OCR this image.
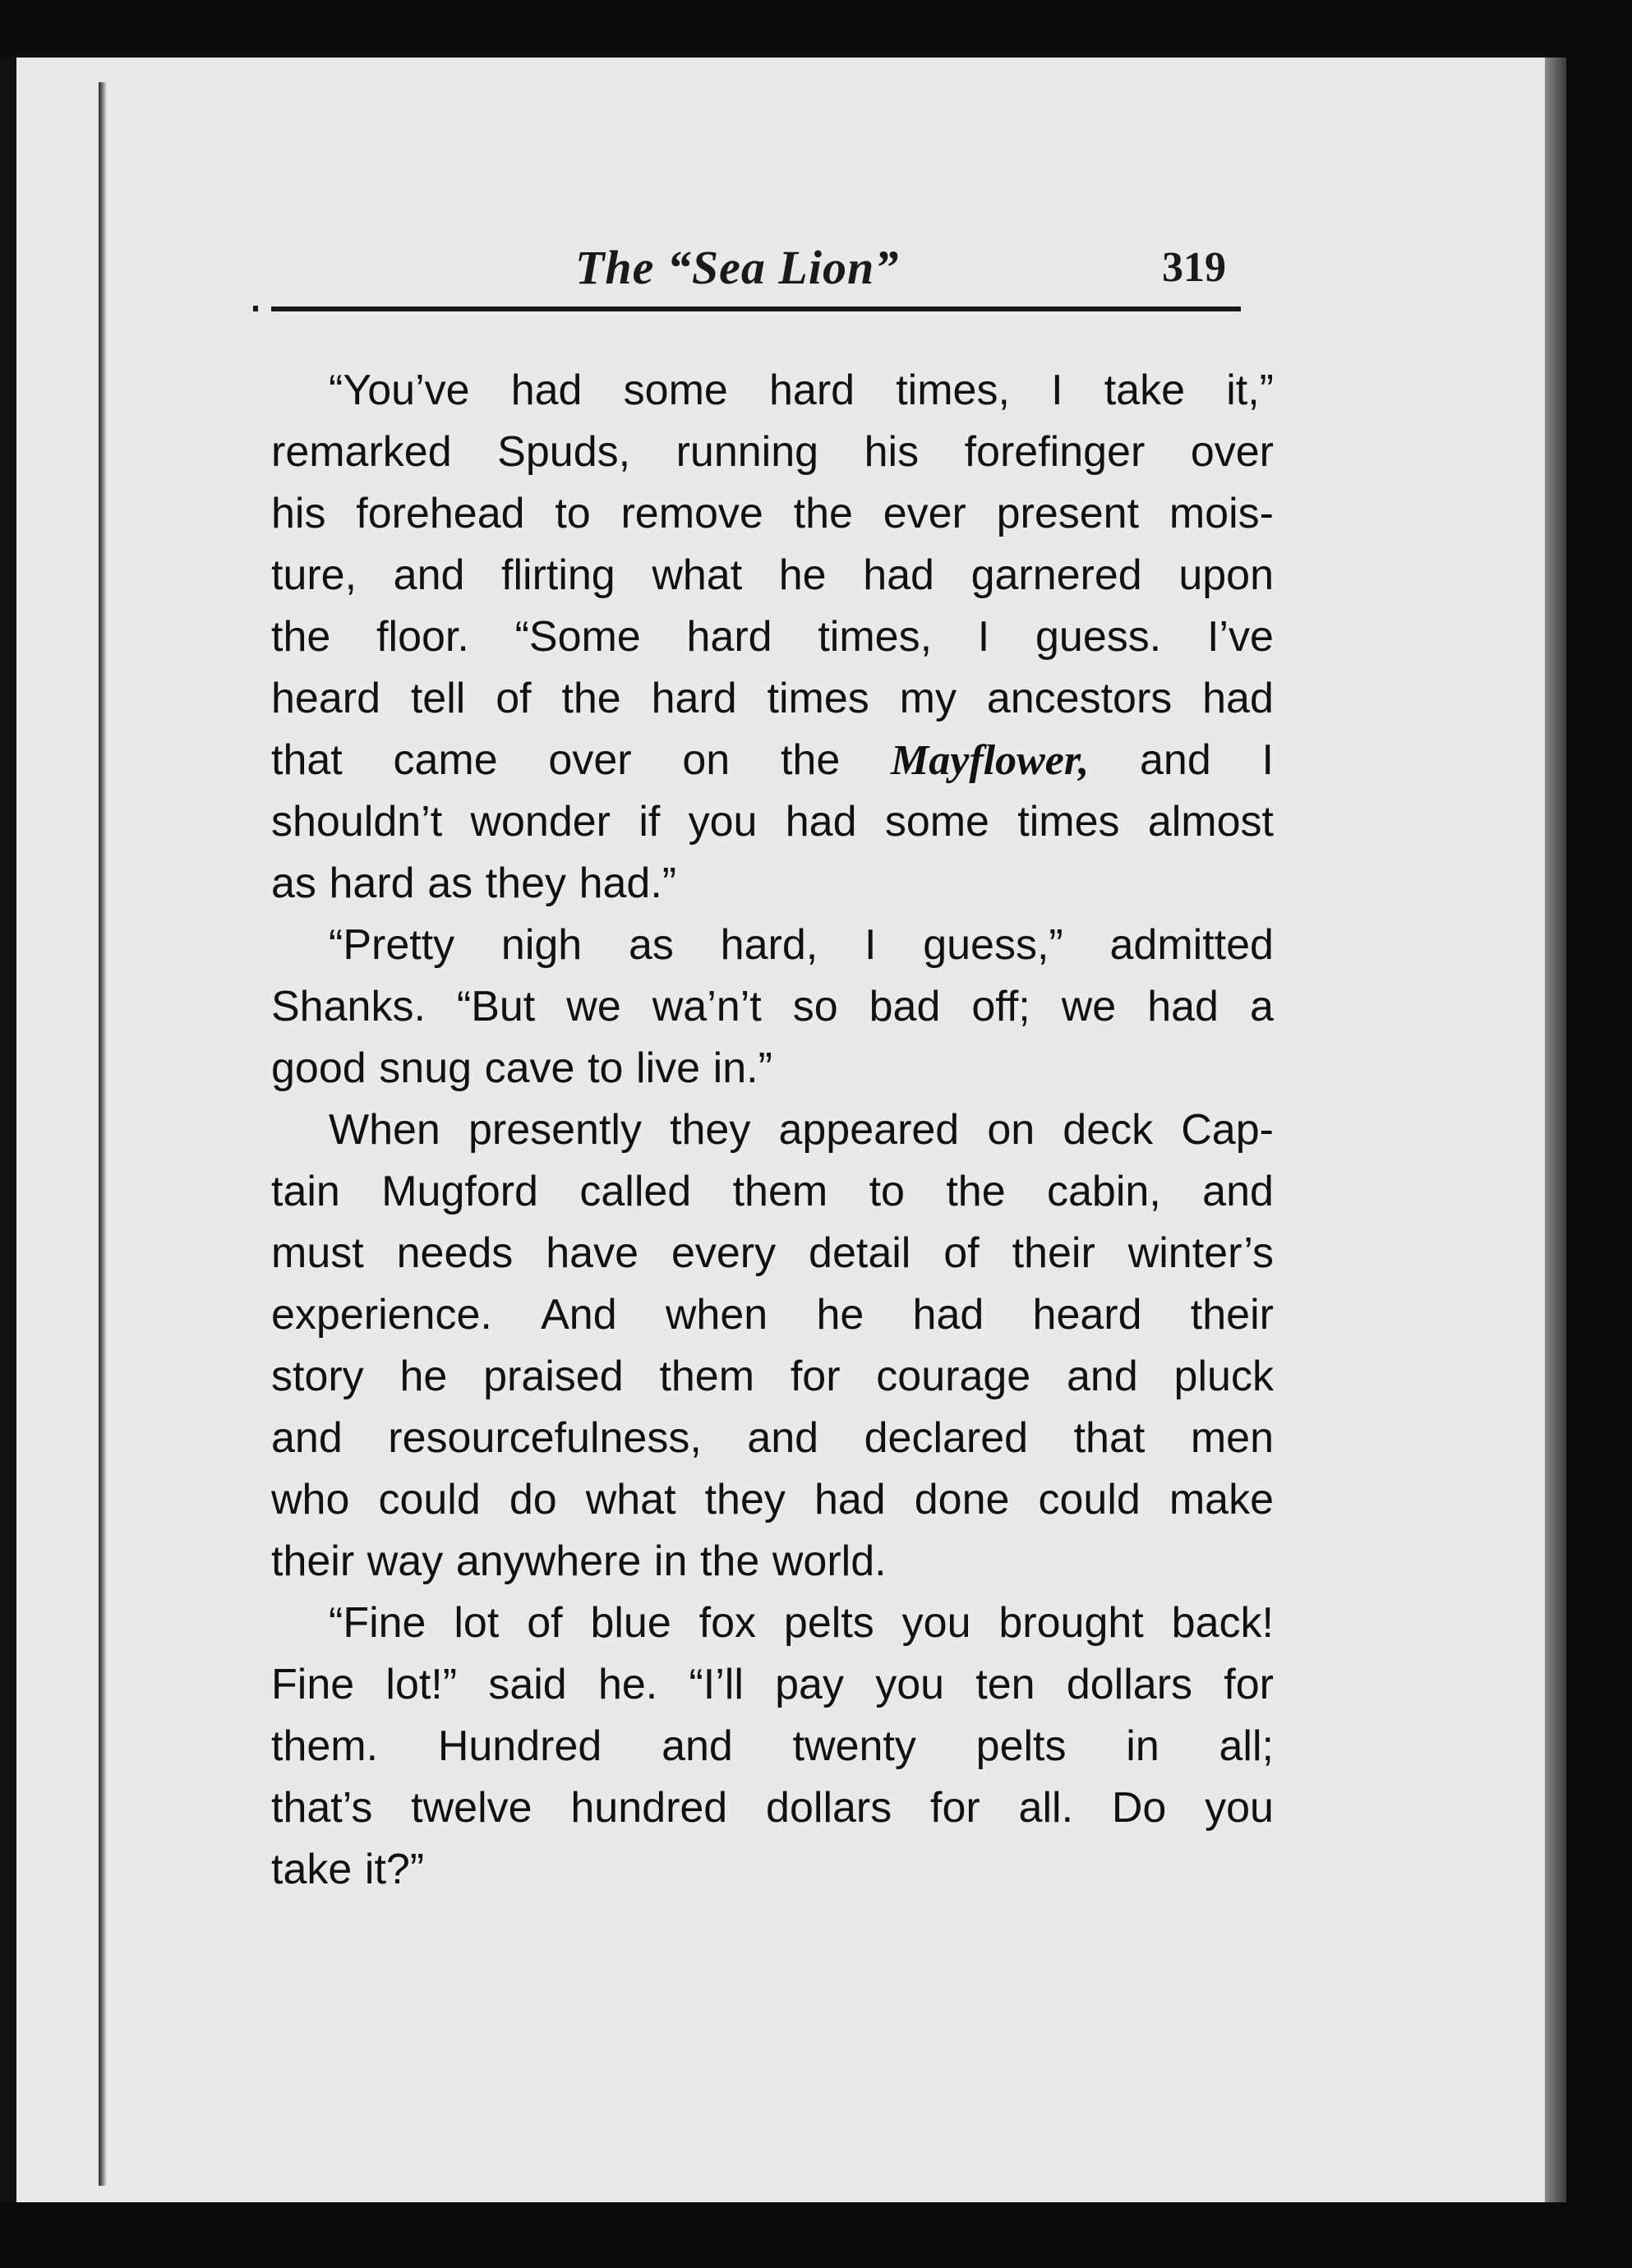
The “Sea Lion”	319
“You’ve had some hard times, I take it,”
remarked Spuds, running his forefinger over
his forehead to remove the ever present mois-
ture, and flirting what he had garnered upon
the floor. “Some hard times, I guess. I’ve
heard tell of the hard times my ancestors had
that came over on the Mayflower, and I
shouldn’t wonder if you had some times almost
as hard as they had.”
“Pretty nigh as hard, I guess,” admitted
Shanks. “But we wa’n’t so bad off; we had a
good snug cave to live in.”
When presently they appeared on deck Cap-
tain Mugford called them to the cabin, and
must needs have every detail of their winter’s
experience. And when he had heard their
story he praised them for courage and pluck
and resourcefulness, and declared that men
who could do what they had done could make
their way anywhere in the world.
“Fine lot of blue fox pelts you brought back!
Fine lot!” said he. “I’ll pay you ten dollars for
them. Hundred and twenty pelts in all;
that’s twelve hundred dollars for all. Do you
take it?”
